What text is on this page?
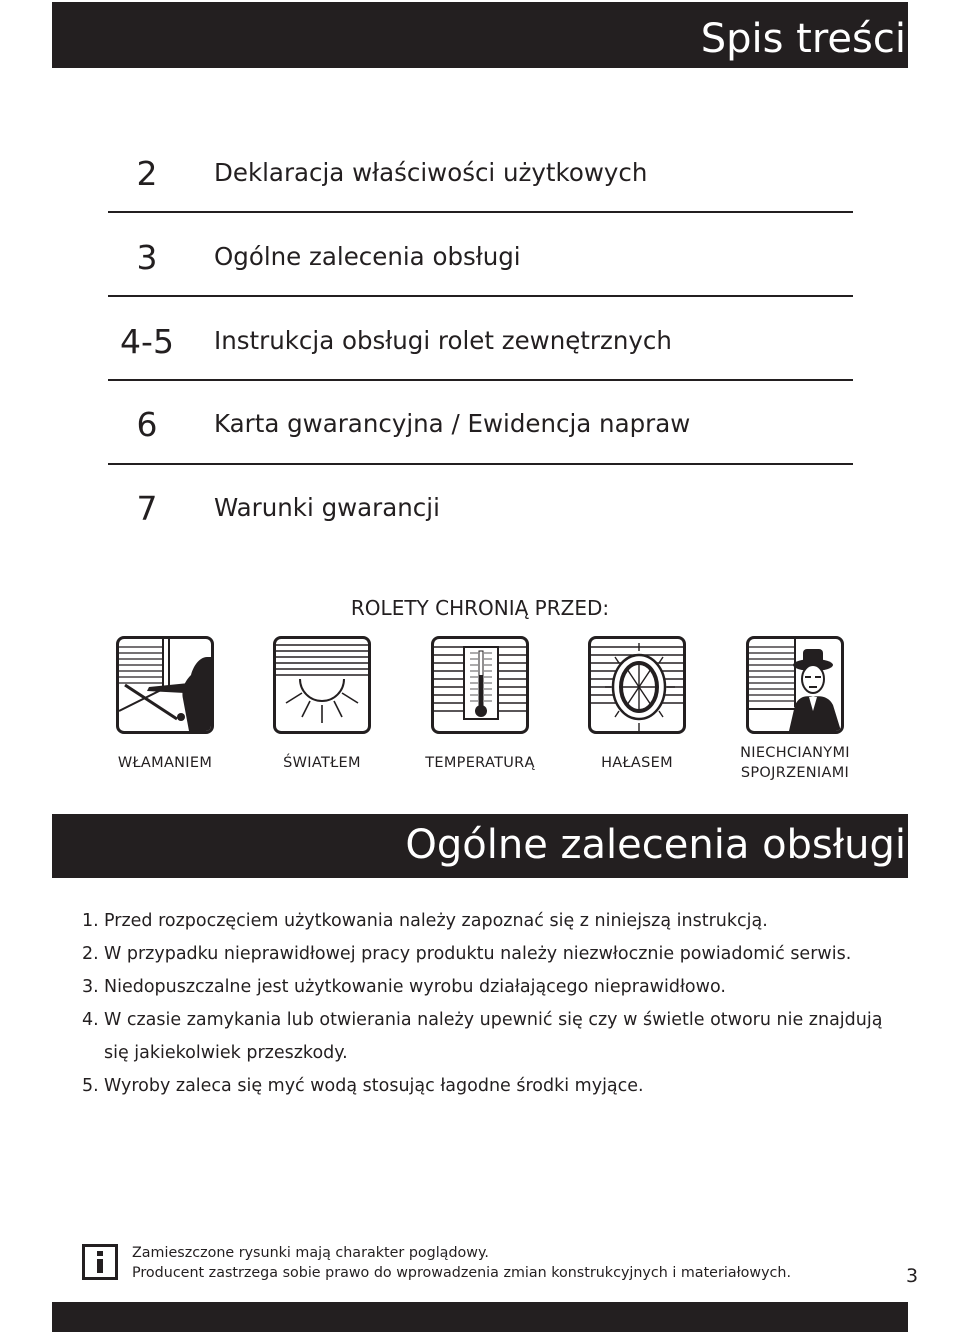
Spis treści
2	Deklaracja właściwości użytkowych
3	Ogólne zalecenia obsługi
4-5	Instrukcja obsługi rolet zewnętrznych
6	Karta gwarancyjna / Ewidencja napraw
7	Warunki gwarancji
ROLETY CHRONIĄ PRZED:
WŁAMANIEM	ŚWIATŁEM	TEMPERATURĄ	HAŁASEM
NIECHCIANYMI
SPOJRZENIAMI
Ogólne zalecenia obsługi
1. Przed rozpoczęciem użytkowania należy zapoznać się z niniejszą instrukcją.
2. W przypadku nieprawidłowej pracy produktu należy niezwłocznie powiadomić serwis.
3. Niedopuszczalne jest użytkowanie wyrobu działającego nieprawidłowo.
4. W czasie zamykania lub otwierania należy upewnić się czy w świetle otworu nie znajdują się jakiekolwiek przeszkody.
5. Wyroby zaleca się myć wodą stosując łagodne środki myjące.
Zamieszczone rysunki mają charakter poglądowy.
Producent zastrzega sobie prawo do wprowadzenia zmian konstrukcyjnych i materiałowych.	3
